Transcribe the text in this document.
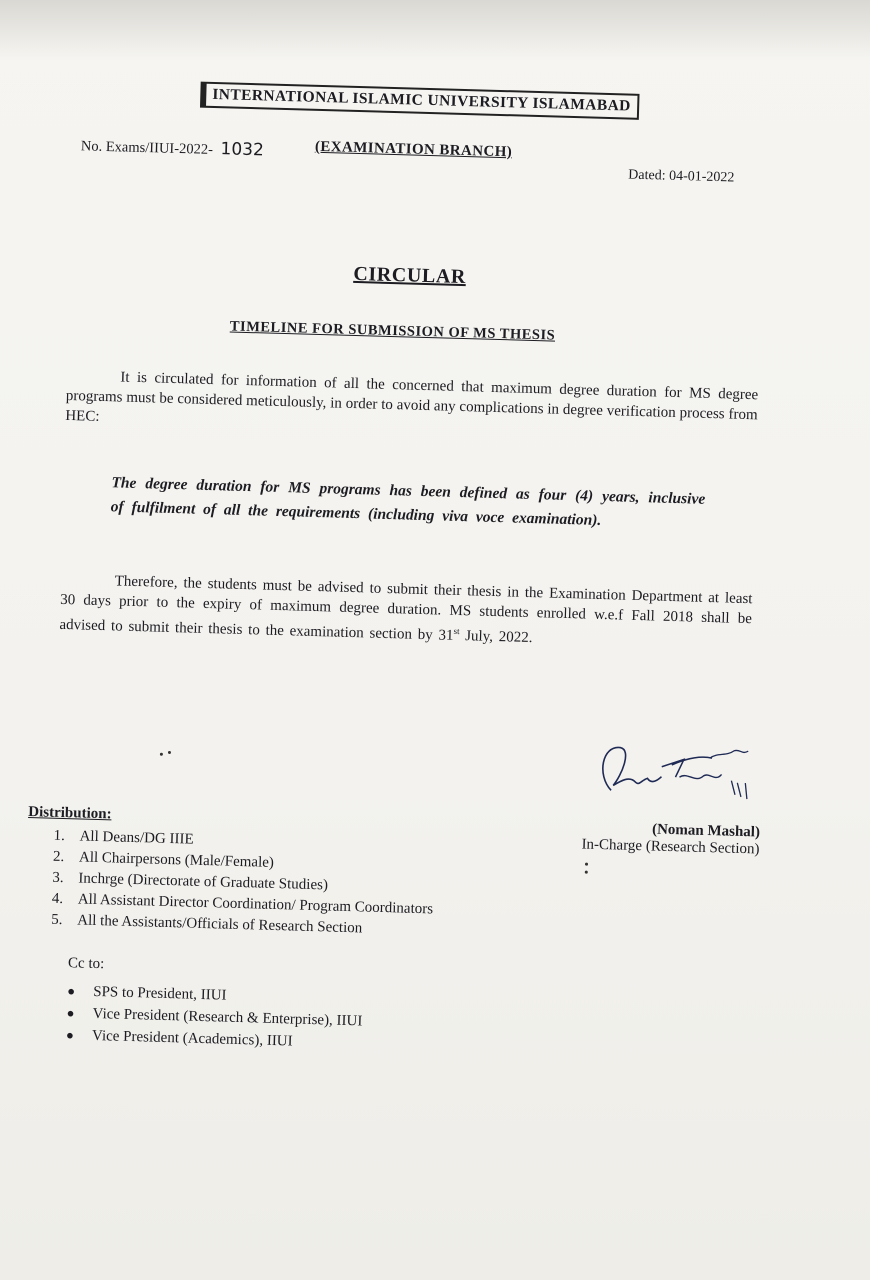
INTERNATIONAL ISLAMIC UNIVERSITY ISLAMABAD
No. Exams/IIUI-2022- 1032	(EXAMINATION BRANCH)
Dated: 04-01-2022
CIRCULAR
TIMELINE FOR SUBMISSION OF MS THESIS
It is circulated for information of all the concerned that maximum degree duration for MS degree programs must be considered meticulously, in order to avoid any complications in degree verification process from HEC:
The degree duration for MS programs has been defined as four (4) years, inclusive of fulfilment of all the requirements (including viva voce examination).
Therefore, the students must be advised to submit their thesis in the Examination Department at least 30 days prior to the expiry of maximum degree duration. MS students enrolled w.e.f Fall 2018 shall be advised to submit their thesis to the examination section by 31st July, 2022.
(Noman Mashal)
In-Charge (Research Section)
Distribution:
1. All Deans/DG IIIE
2. All Chairpersons (Male/Female)
3. Inchrge (Directorate of Graduate Studies)
4. All Assistant Director Coordination/ Program Coordinators
5. All the Assistants/Officials of Research Section
Cc to:
● SPS to President, IIUI
● Vice President (Research & Enterprise), IIUI
● Vice President (Academics), IIUI
